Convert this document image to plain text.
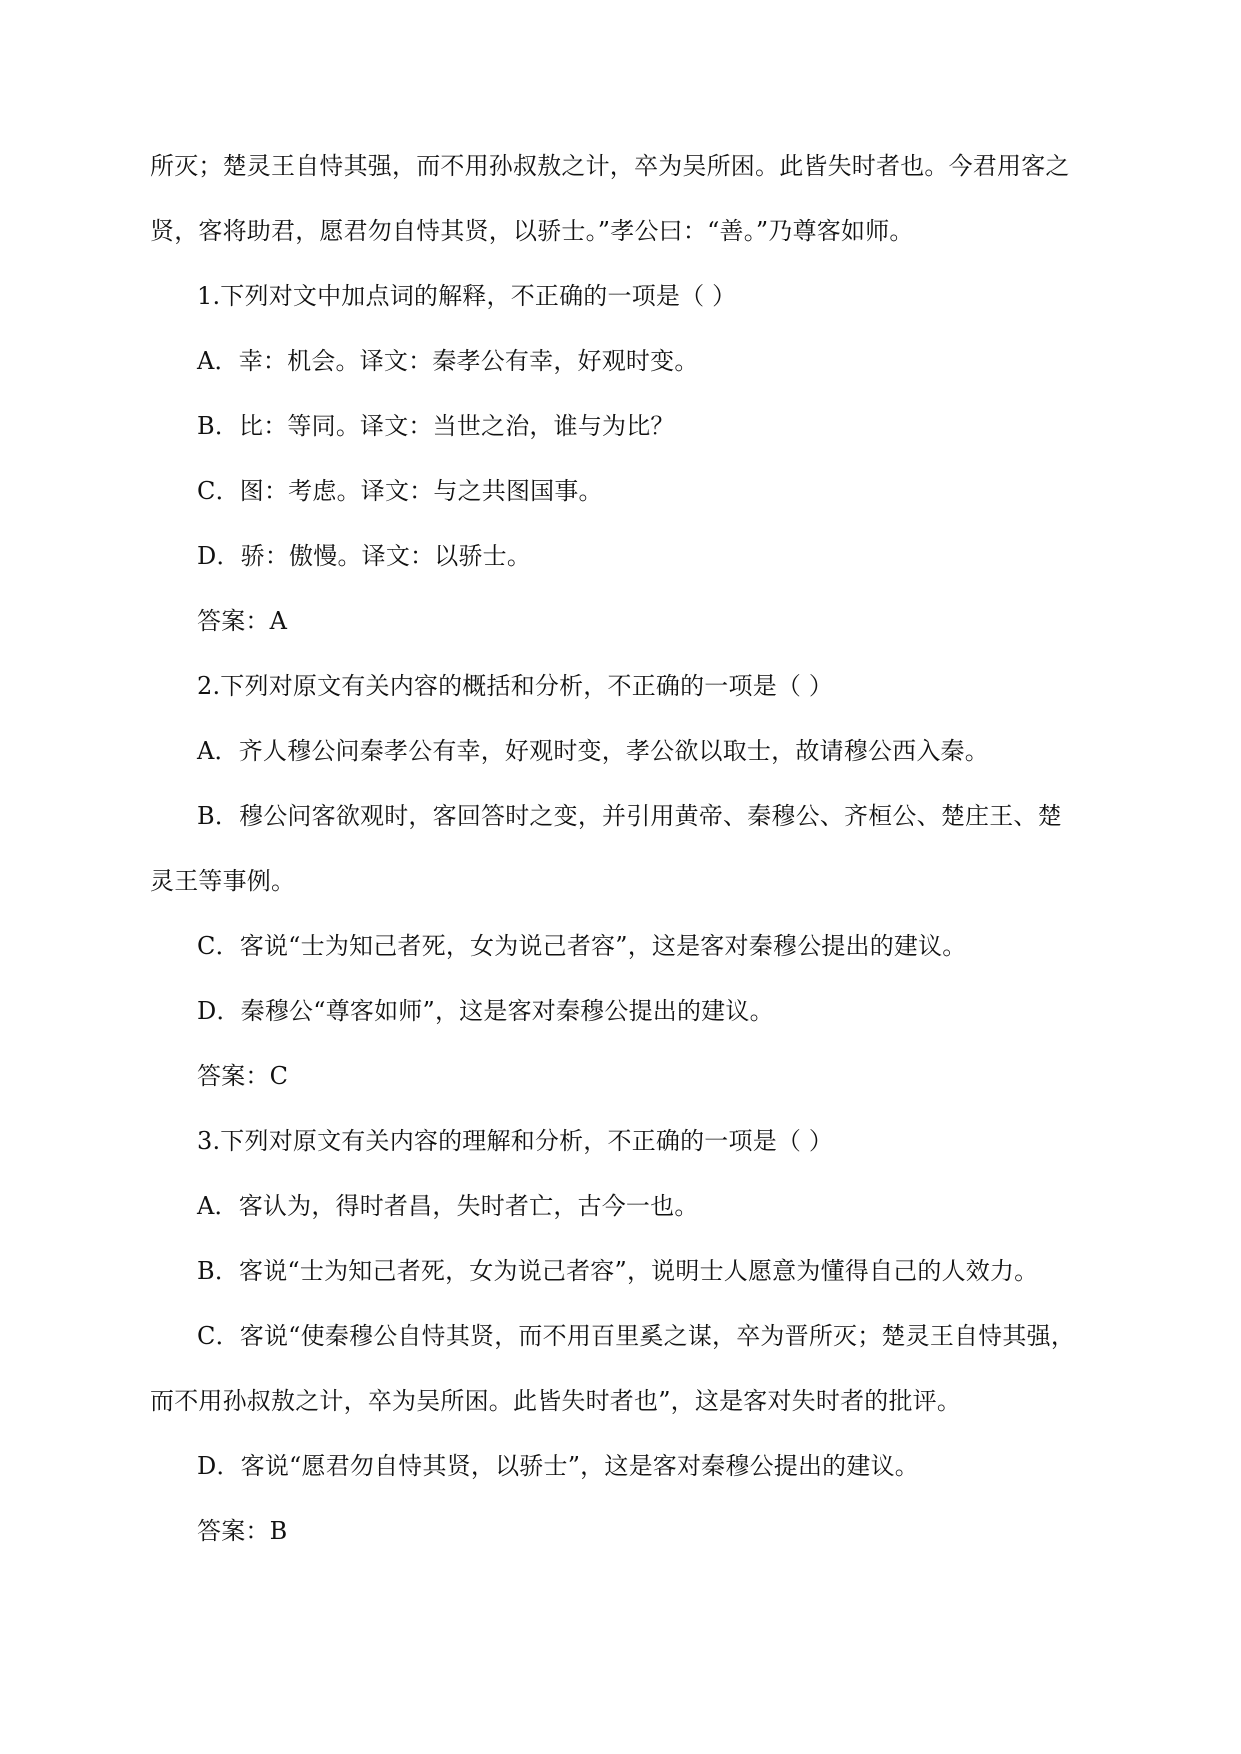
所灭；楚灵王自恃其强，而不用孙叔敖之计，卒为吴所困。此皆失时者也。今君用客之
贤，客将助君，愿君勿自恃其贤，以骄士。”孝公曰：“善。”乃尊客如师。
1.下列对文中加点词的解释，不正确的一项是（ ）
A．幸：机会。译文：秦孝公有幸，好观时变。
B．比：等同。译文：当世之治，谁与为比？
C．图：考虑。译文：与之共图国事。
D．骄：傲慢。译文：以骄士。
答案：A
2.下列对原文有关内容的概括和分析，不正确的一项是（ ）
A．齐人穆公问秦孝公有幸，好观时变，孝公欲以取士，故请穆公西入秦。
B．穆公问客欲观时，客回答时之变，并引用黄帝、秦穆公、齐桓公、楚庄王、楚
灵王等事例。
C．客说“士为知己者死，女为说己者容”，这是客对秦穆公提出的建议。
D．秦穆公“尊客如师”，这是客对秦穆公提出的建议。
答案：C
3.下列对原文有关内容的理解和分析，不正确的一项是（ ）
A．客认为，得时者昌，失时者亡，古今一也。
B．客说“士为知己者死，女为说己者容”，说明士人愿意为懂得自己的人效力。
C．客说“使秦穆公自恃其贤，而不用百里奚之谋，卒为晋所灭；楚灵王自恃其强，
而不用孙叔敖之计，卒为吴所困。此皆失时者也”，这是客对失时者的批评。
D．客说“愿君勿自恃其贤，以骄士”，这是客对秦穆公提出的建议。
答案：B
